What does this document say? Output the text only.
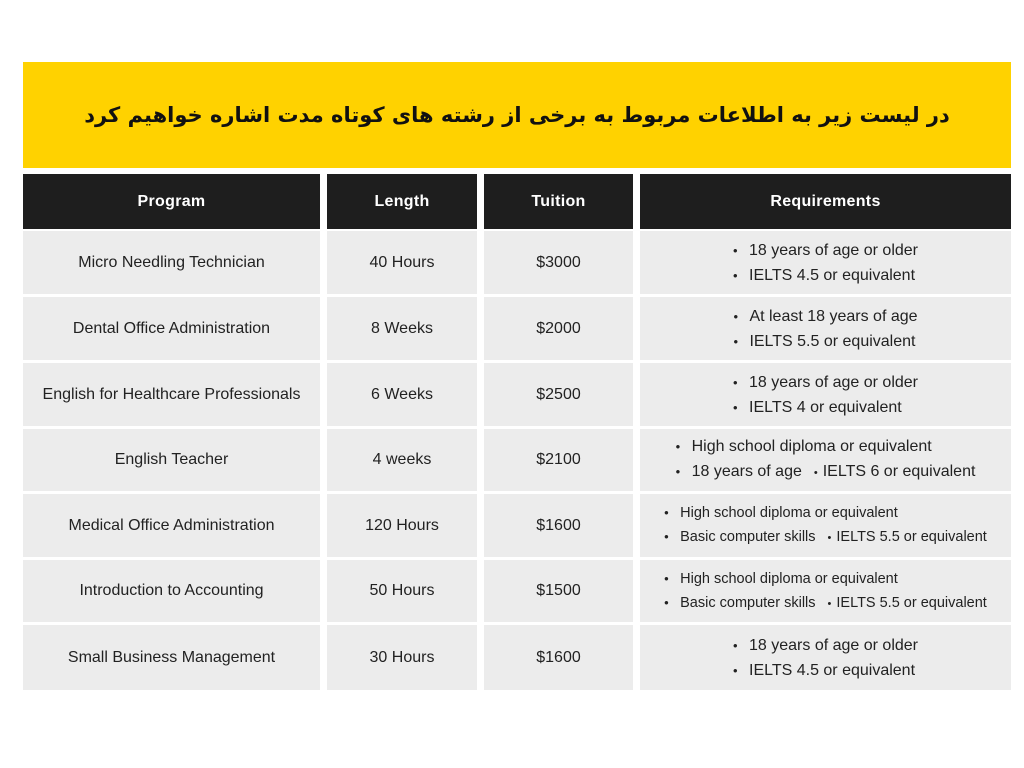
در لیست زیر به اطلاعات مربوط به برخی از رشته های کوتاه مدت اشاره خواهیم کرد
Program	Length	Tuition	Requirements
Micro Needling Technician	40 Hours	$3000
• 18 years of age or older
• IELTS 4.5 or equivalent
Dental Office Administration	8 Weeks	$2000
• At least 18 years of age
• IELTS 5.5 or equivalent
English for Healthcare Professionals	6 Weeks	$2500
• 18 years of age or older
• IELTS 4 or equivalent
English Teacher	4 weeks	$2100
• High school diploma or equivalent
• 18 years of age • IELTS 6 or equivalent
Medical Office Administration	120 Hours	$1600
• High school diploma or equivalent
• Basic computer skills • IELTS 5.5 or equivalent
Introduction to Accounting	50 Hours	$1500
• High school diploma or equivalent
• Basic computer skills • IELTS 5.5 or equivalent
Small Business Management	30 Hours	$1600
• 18 years of age or older
• IELTS 4.5 or equivalent
